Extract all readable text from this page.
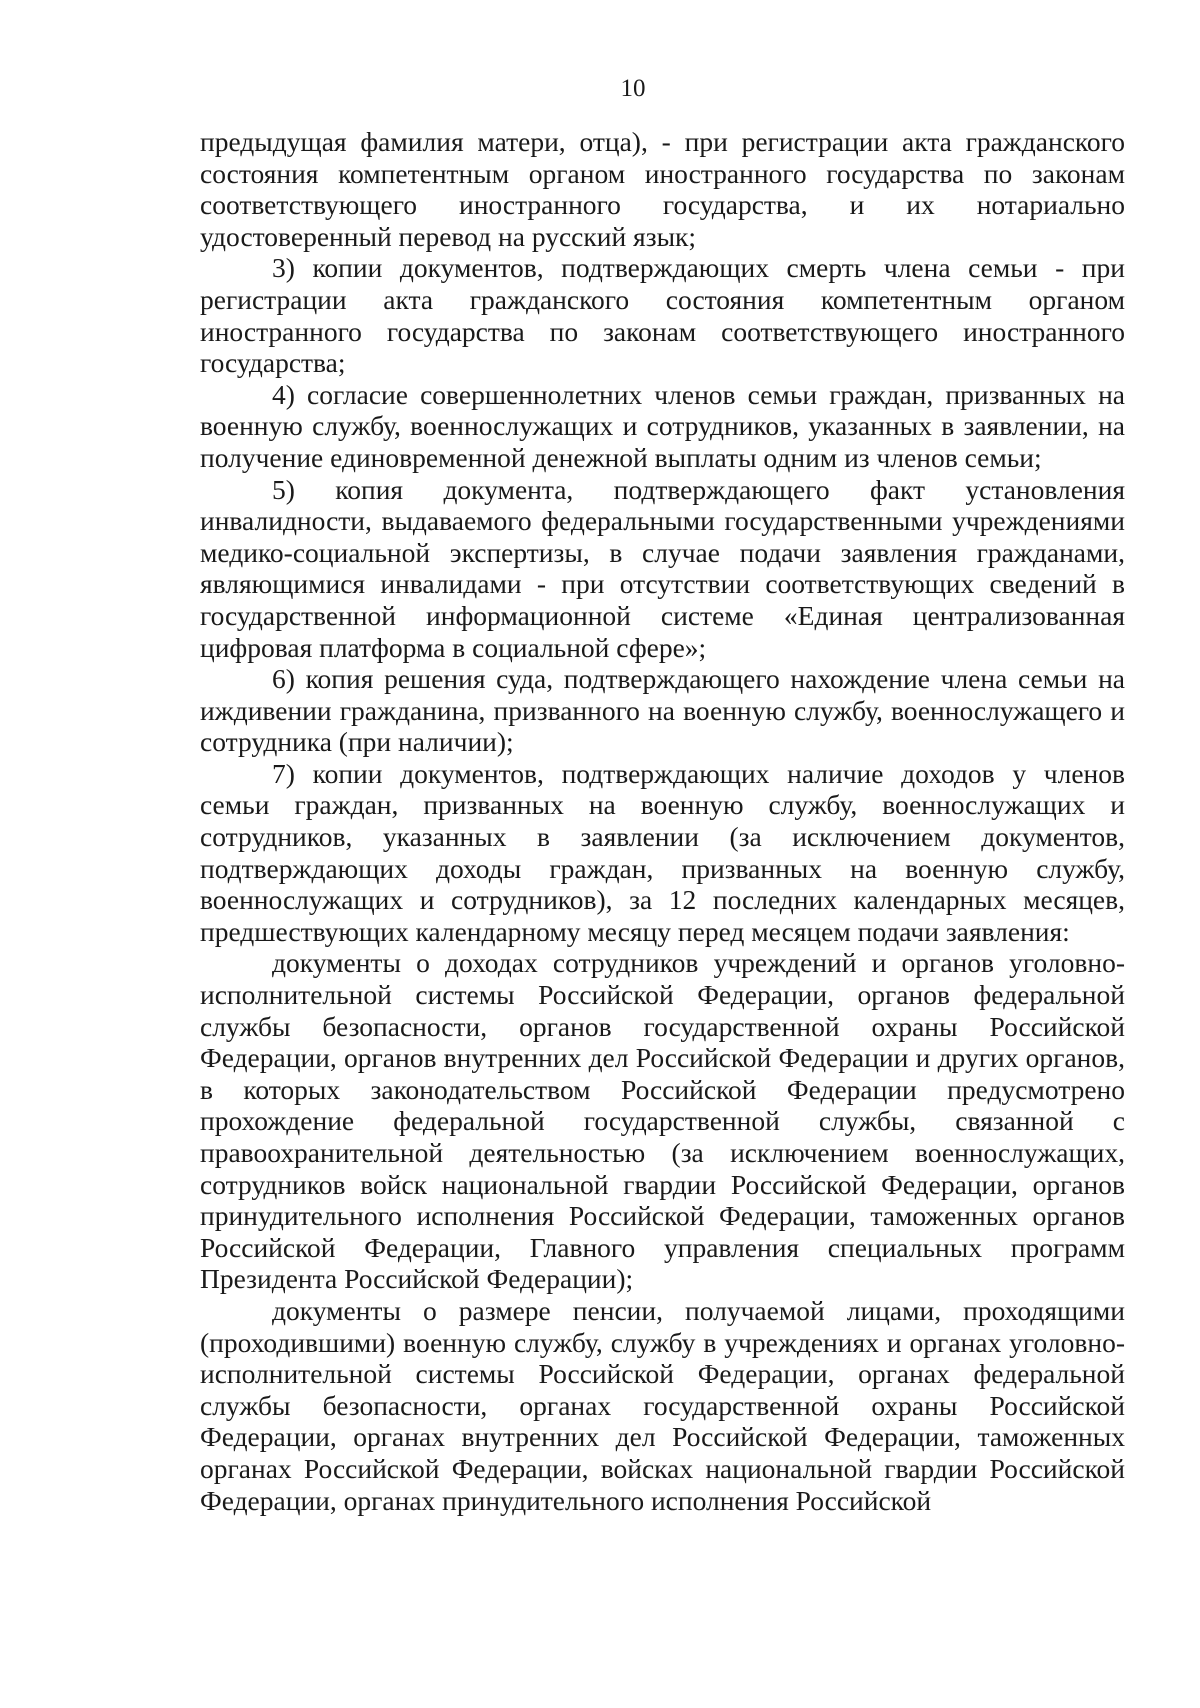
10

предыдущая фамилия матери, отца), - при регистрации акта гражданского состояния компетентным органом иностранного государства по законам соответствующего иностранного государства, и их нотариально удостоверенный перевод на русский язык;

3) копии документов, подтверждающих смерть члена семьи - при регистрации акта гражданского состояния компетентным органом иностранного государства по законам соответствующего иностранного государства;

4) согласие совершеннолетних членов семьи граждан, призванных на военную службу, военнослужащих и сотрудников, указанных в заявлении, на получение единовременной денежной выплаты одним из членов семьи;

5) копия документа, подтверждающего факт установления инвалидности, выдаваемого федеральными государственными учреждениями медико-социальной экспертизы, в случае подачи заявления гражданами, являющимися инвалидами - при отсутствии соответствующих сведений в государственной информационной системе «Единая централизованная цифровая платформа в социальной сфере»;

6) копия решения суда, подтверждающего нахождение члена семьи на иждивении гражданина, призванного на военную службу, военнослужащего и сотрудника (при наличии);

7) копии документов, подтверждающих наличие доходов у членов семьи граждан, призванных на военную службу, военнослужащих и сотрудников, указанных в заявлении (за исключением документов, подтверждающих доходы граждан, призванных на военную службу, военнослужащих и сотрудников), за 12 последних календарных месяцев, предшествующих календарному месяцу перед месяцем подачи заявления:

документы о доходах сотрудников учреждений и органов уголовно-исполнительной системы Российской Федерации, органов федеральной службы безопасности, органов государственной охраны Российской Федерации, органов внутренних дел Российской Федерации и других органов, в которых законодательством Российской Федерации предусмотрено прохождение федеральной государственной службы, связанной с правоохранительной деятельностью (за исключением военнослужащих, сотрудников войск национальной гвардии Российской Федерации, органов принудительного исполнения Российской Федерации, таможенных органов Российской Федерации, Главного управления специальных программ Президента Российской Федерации);

документы о размере пенсии, получаемой лицами, проходящими (проходившими) военную службу, службу в учреждениях и органах уголовно-исполнительной системы Российской Федерации, органах федеральной службы безопасности, органах государственной охраны Российской Федерации, органах внутренних дел Российской Федерации, таможенных органах Российской Федерации, войсках национальной гвардии Российской Федерации, органах принудительного исполнения Российской
